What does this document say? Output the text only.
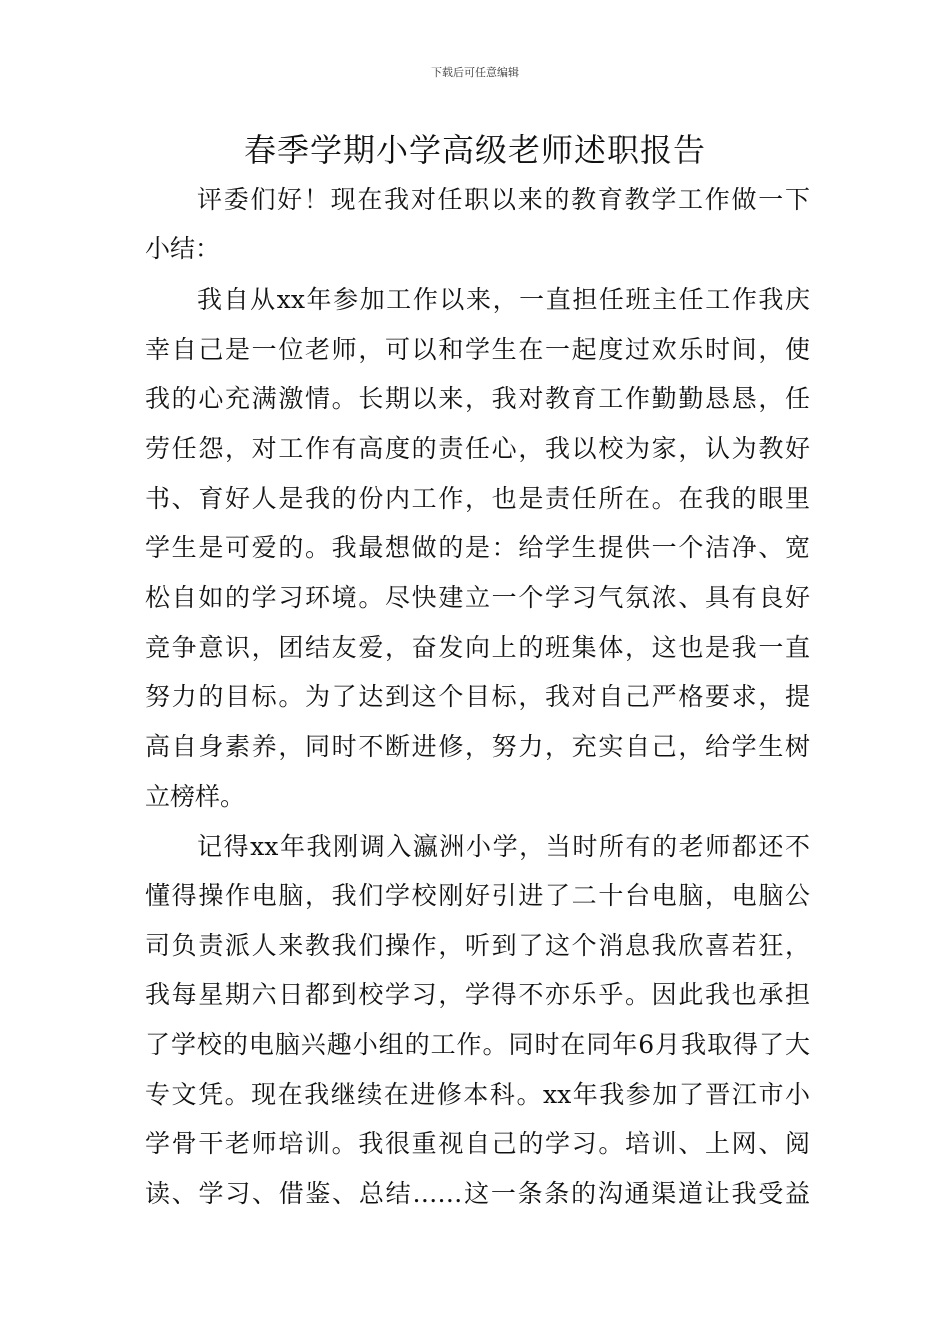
下载后可任意编辑
春季学期小学高级老师述职报告
评委们好！现在我对任职以来的教育教学工作做一下
小结：
我自从xx年参加工作以来，一直担任班主任工作我庆
幸自己是一位老师，可以和学生在一起度过欢乐时间，使
我的心充满激情。长期以来，我对教育工作勤勤恳恳，任
劳任怨，对工作有高度的责任心，我以校为家，认为教好
书、育好人是我的份内工作，也是责任所在。在我的眼里
学生是可爱的。我最想做的是：给学生提供一个洁净、宽
松自如的学习环境。尽快建立一个学习气氛浓、具有良好
竞争意识，团结友爱，奋发向上的班集体，这也是我一直
努力的目标。为了达到这个目标，我对自己严格要求，提
高自身素养，同时不断进修，努力，充实自己，给学生树
立榜样。
记得xx年我刚调入瀛洲小学，当时所有的老师都还不
懂得操作电脑，我们学校刚好引进了二十台电脑，电脑公
司负责派人来教我们操作，听到了这个消息我欣喜若狂，
我每星期六日都到校学习，学得不亦乐乎。因此我也承担
了学校的电脑兴趣小组的工作。同时在同年6月我取得了大
专文凭。现在我继续在进修本科。xx年我参加了晋江市小
学骨干老师培训。我很重视自己的学习。培训、上网、阅
读、学习、借鉴、总结……这一条条的沟通渠道让我受益
